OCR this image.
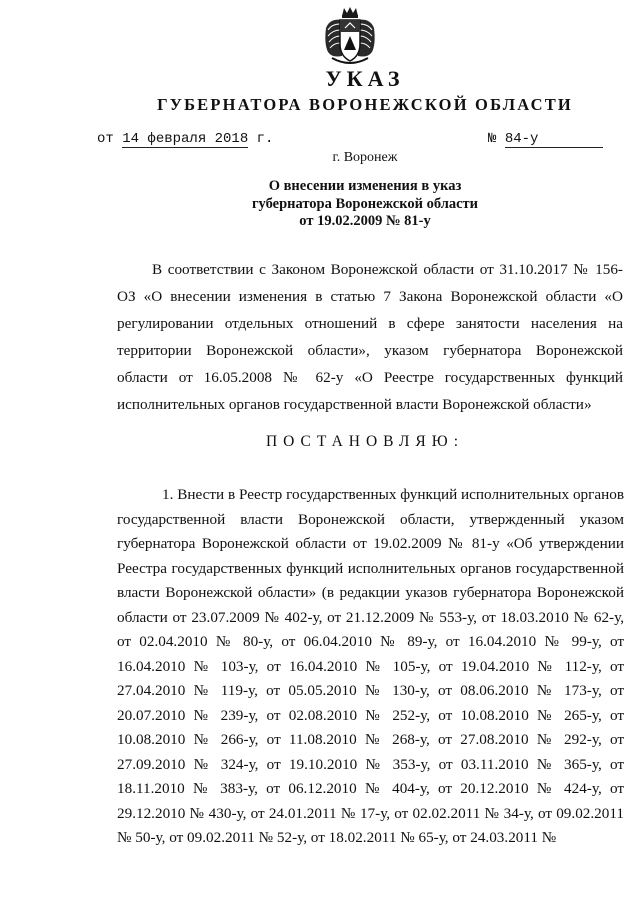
УКАЗ
ГУБЕРНАТОРА ВОРОНЕЖСКОЙ ОБЛАСТИ
от 14 февраля 2018 г.	№ 84-у
г. Воронеж
О внесении изменения в указ
губернатора Воронежской области
от 19.02.2009 № 81-у

В соответствии с Законом Воронежской области от 31.10.2017 № 156-ОЗ «О внесении изменения в статью 7 Закона Воронежской области «О регулировании отдельных отношений в сфере занятости населения на территории Воронежской области», указом губернатора Воронежской области от 16.05.2008 № 62-у «О Реестре государственных функций исполнительных органов государственной власти Воронежской области»

ПОСТАНОВЛЯЮ:

1. Внести в Реестр государственных функций исполнительных органов государственной власти Воронежской области, утвержденный указом губернатора Воронежской области от 19.02.2009 № 81-у «Об утверждении Реестра государственных функций исполнительных органов государственной власти Воронежской области» (в редакции указов губернатора Воронежской области от 23.07.2009 № 402-у, от 21.12.2009 № 553-у, от 18.03.2010 № 62-у, от 02.04.2010 № 80-у, от 06.04.2010 № 89-у, от 16.04.2010 № 99-у, от 16.04.2010 № 103-у, от 16.04.2010 № 105-у, от 19.04.2010 № 112-у, от 27.04.2010 № 119-у, от 05.05.2010 № 130-у, от 08.06.2010 № 173-у, от 20.07.2010 № 239-у, от 02.08.2010 № 252-у, от 10.08.2010 № 265-у, от 10.08.2010 № 266-у, от 11.08.2010 № 268-у, от 27.08.2010 № 292-у, от 27.09.2010 № 324-у, от 19.10.2010 № 353-у, от 03.11.2010 № 365-у, от 18.11.2010 № 383-у, от 06.12.2010 № 404-у, от 20.12.2010 № 424-у, от 29.12.2010 № 430-у, от 24.01.2011 № 17-у, от 02.02.2011 № 34-у, от 09.02.2011 № 50-у, от 09.02.2011 № 52-у, от 18.02.2011 № 65-у, от 24.03.2011 №
